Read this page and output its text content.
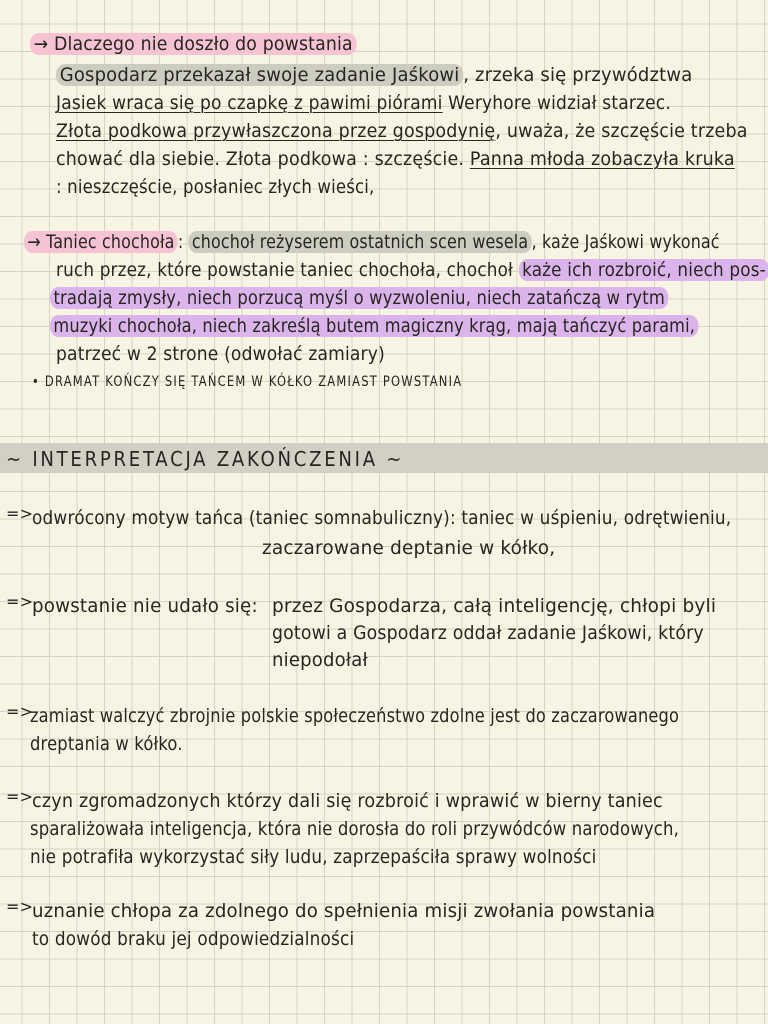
→ Dlaczego nie doszło do powstania
Gospodarz przekazał swoje zadanie Jaśkowi , zrzeka się przywództwa
Jasiek wraca się po czapkę z pawimi piórami Weryhore widział starzec.
Złota podkowa przywłaszczona przez gospodynię, uważa, że szczęście trzeba
chować dla siebie. Złota podkowa : szczęście. Panna młoda zobaczyła kruka
: nieszczęście, posłaniec złych wieści,
→ Taniec chochoła : chochoł reżyserem ostatnich scen wesela , każe Jaśkowi wykonać
ruch przez, które powstanie taniec chochoła, chochoł każe ich rozbroić, niech pos-
tradają zmysły, niech porzucą myśl o wyzwoleniu, niech zatańczą w rytm
muzyki chochoła, niech zakreślą butem magiczny krąg, mają tańczyć parami,
patrzeć w 2 strone (odwołać zamiary)
• DRAMAT KOŃCZY SIĘ TAŃCEM W KÓŁKO ZAMIAST POWSTANIA
~ INTERPRETACJA ZAKOŃCZENIA ~
=>
odwrócony motyw tańca (taniec somnabuliczny): taniec w uśpieniu, odrętwieniu,
zaczarowane deptanie w kółko,
=>
powstanie nie udało się: przez Gospodarza, całą inteligencję, chłopi byli
gotowi a Gospodarz oddał zadanie Jaśkowi, który
niepodołał
=>
zamiast walczyć zbrojnie polskie społeczeństwo zdolne jest do zaczarowanego
dreptania w kółko.
=>
czyn zgromadzonych którzy dali się rozbroić i wprawić w bierny taniec
sparaliżowała inteligencja, która nie dorosła do roli przywódców narodowych,
nie potrafiła wykorzystać siły ludu, zaprzepaściła sprawy wolności
=>
uznanie chłopa za zdolnego do spełnienia misji zwołania powstania
to dowód braku jej odpowiedzialności
